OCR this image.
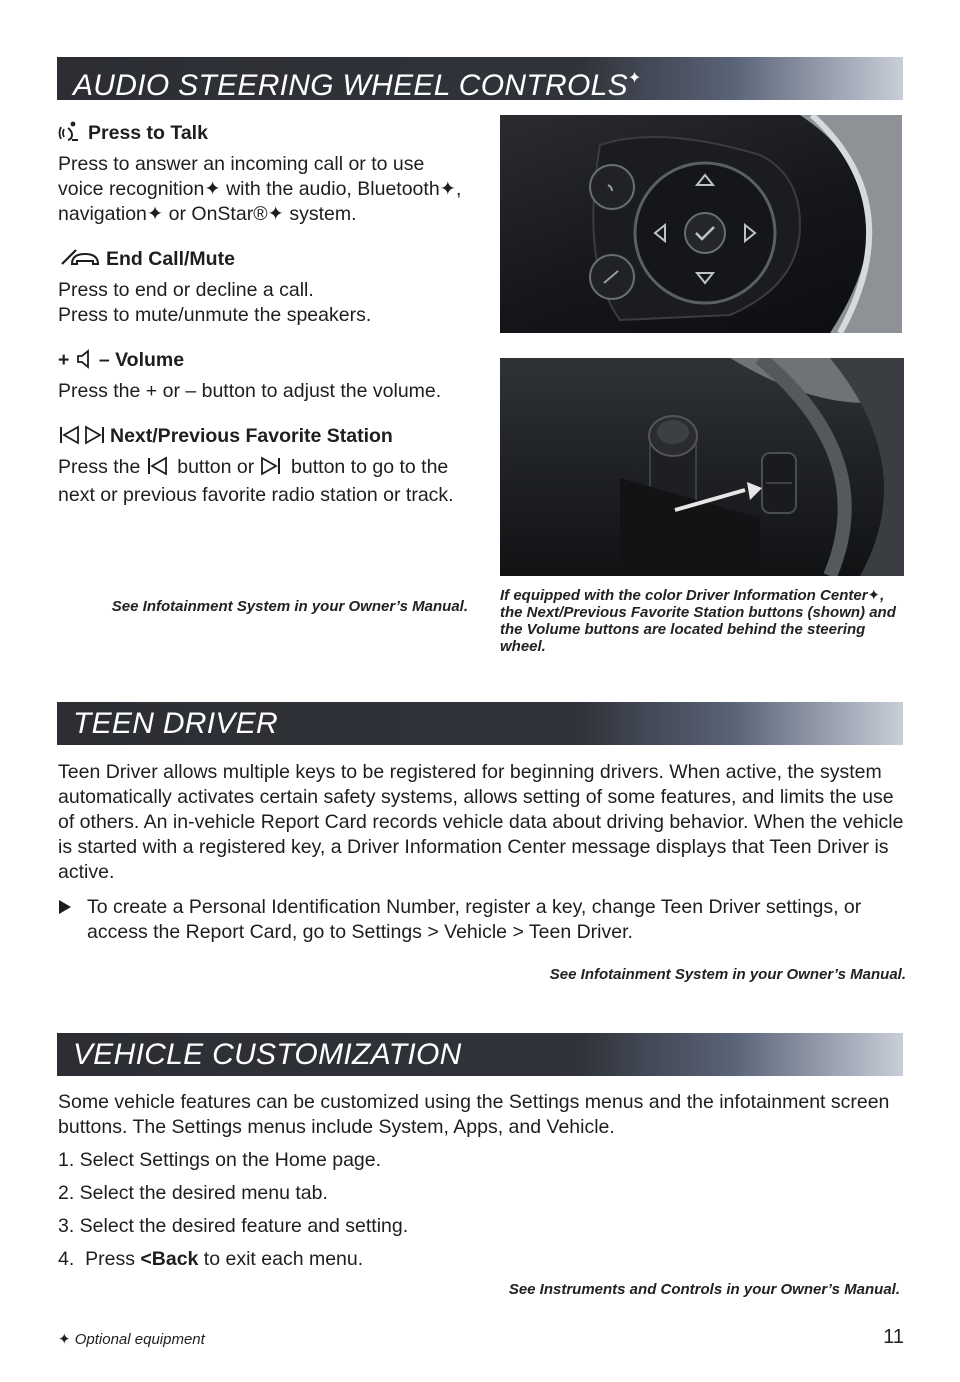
AUDIO STEERING WHEEL CONTROLS✦

Press to Talk

Press to answer an incoming call or to use voice recognition✦ with the audio, Bluetooth✦, navigation✦ or OnStar®✦ system.

End Call/Mute

Press to end or decline a call.

Press to mute/unmute the speakers.

+ – Volume

Press the + or – button to adjust the volume.

Next/Previous Favorite Station

Press the button or button to go to the next or previous favorite radio station or track.

See Infotainment System in your Owner’s Manual.
If equipped with the color Driver Information Center✦, the Next/Previous Favorite Station buttons (shown) and the Volume buttons are located behind the steering wheel.
TEEN DRIVER
Teen Driver allows multiple keys to be registered for beginning drivers. When active, the system automatically activates certain safety systems, allows setting of some features, and limits the use of others. An in-vehicle Report Card records vehicle data about driving behavior. When the vehicle is started with a registered key, a Driver Information Center message displays that Teen Driver is active.

To create a Personal Identification Number, register a key, change Teen Driver settings, or access the Report Card, go to Settings > Vehicle > Teen Driver.

See Infotainment System in your Owner’s Manual.
VEHICLE CUSTOMIZATION

Some vehicle features can be customized using the Settings menus and the infotainment screen buttons. The Settings menus include System, Apps, and Vehicle.

1. Select Settings on the Home page.

2. Select the desired menu tab.

3. Select the desired feature and setting.

4.  Press <Back to exit each menu.

See Instruments and Controls in your Owner’s Manual.
✦ Optional equipment	11
